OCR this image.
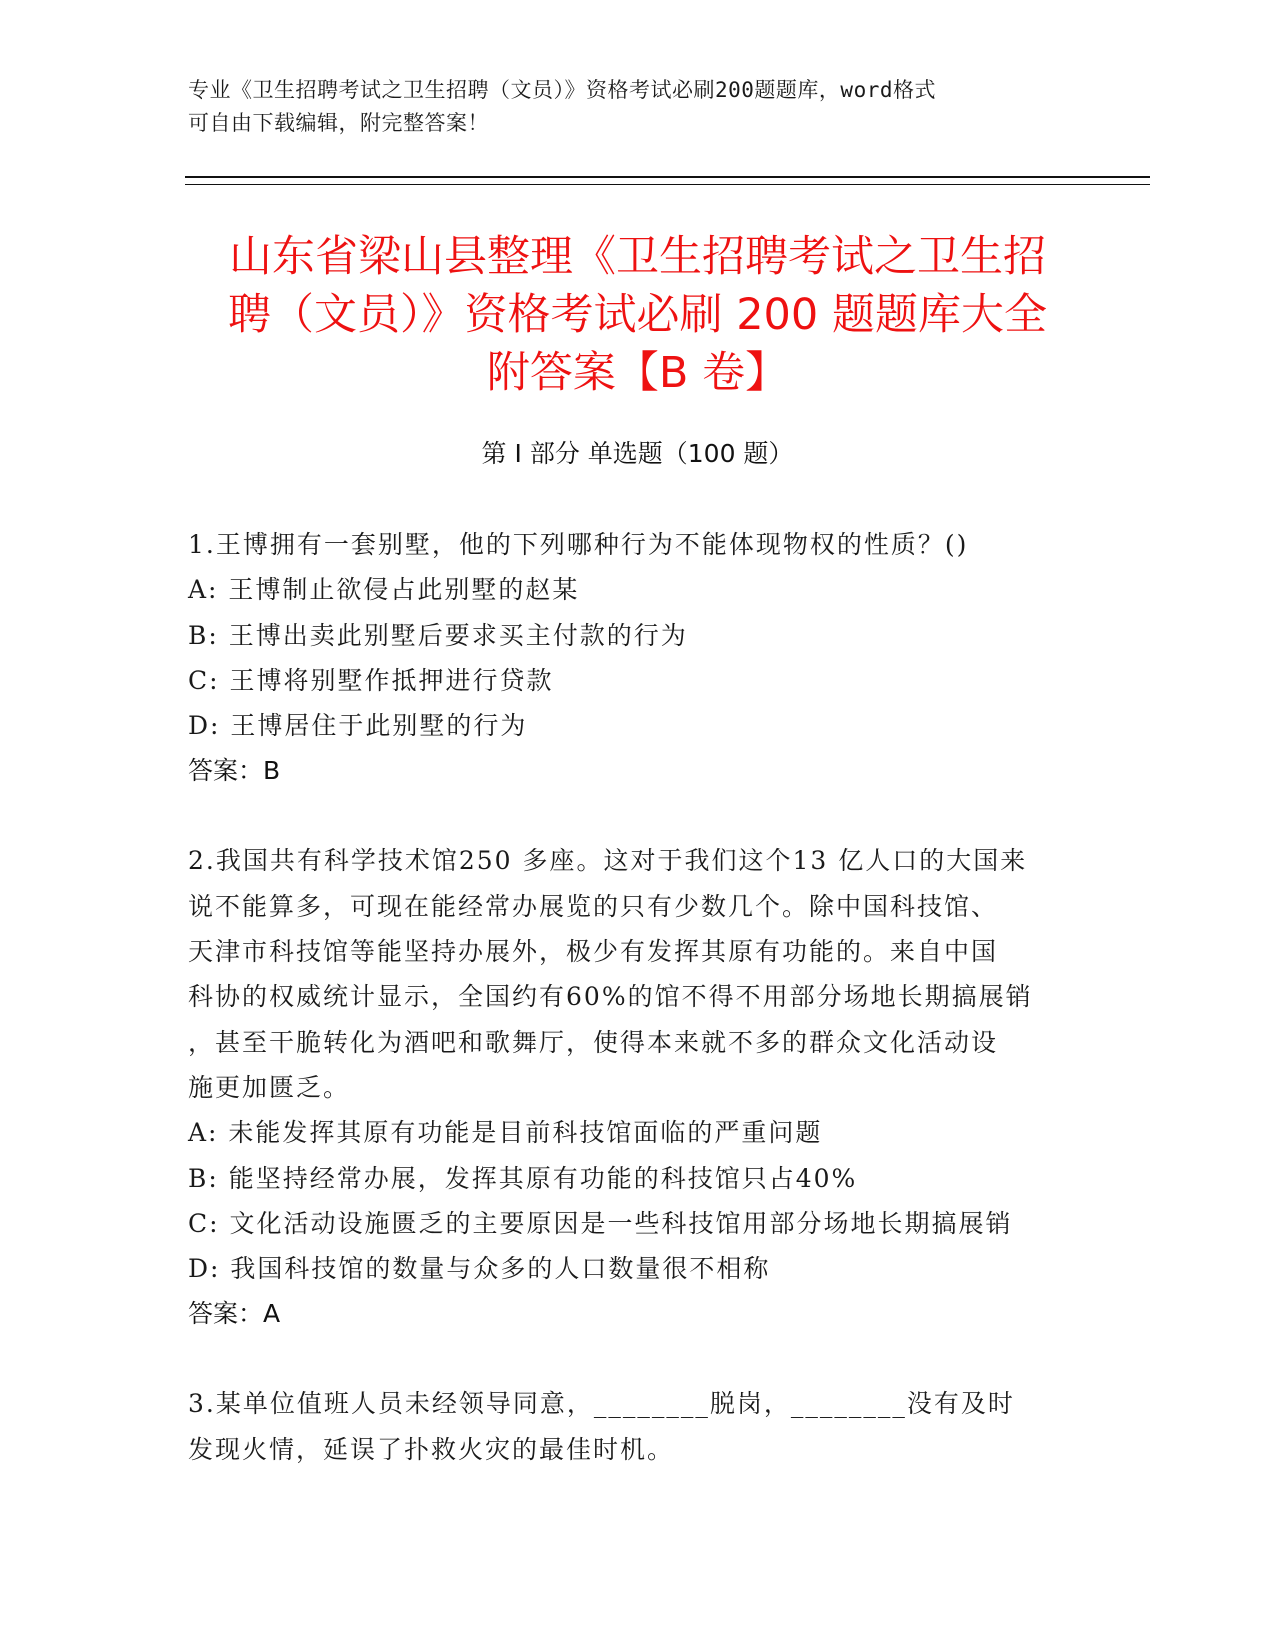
专业《卫生招聘考试之卫生招聘（文员）》资格考试必刷200题题库，word格式
可自由下载编辑，附完整答案！
山东省梁山县整理《卫生招聘考试之卫生招
聘（文员）》资格考试必刷 200 题题库大全
附答案【B 卷】
第 I 部分 单选题（100 题）
1.王博拥有一套别墅，他的下列哪种行为不能体现物权的性质？()
A: 王博制止欲侵占此别墅的赵某
B: 王博出卖此别墅后要求买主付款的行为
C: 王博将别墅作抵押进行贷款
D: 王博居住于此别墅的行为
答案：B
2.我国共有科学技术馆250 多座。这对于我们这个13 亿人口的大国来
说不能算多，可现在能经常办展览的只有少数几个。除中国科技馆、
天津市科技馆等能坚持办展外，极少有发挥其原有功能的。来自中国
科协的权威统计显示，全国约有60%的馆不得不用部分场地长期搞展销
，甚至干脆转化为酒吧和歌舞厅，使得本来就不多的群众文化活动设
施更加匮乏。
A: 未能发挥其原有功能是目前科技馆面临的严重问题
B: 能坚持经常办展，发挥其原有功能的科技馆只占40%
C: 文化活动设施匮乏的主要原因是一些科技馆用部分场地长期搞展销
D: 我国科技馆的数量与众多的人口数量很不相称
答案：A
3.某单位值班人员未经领导同意，________脱岗，________没有及时
发现火情，延误了扑救火灾的最佳时机。
